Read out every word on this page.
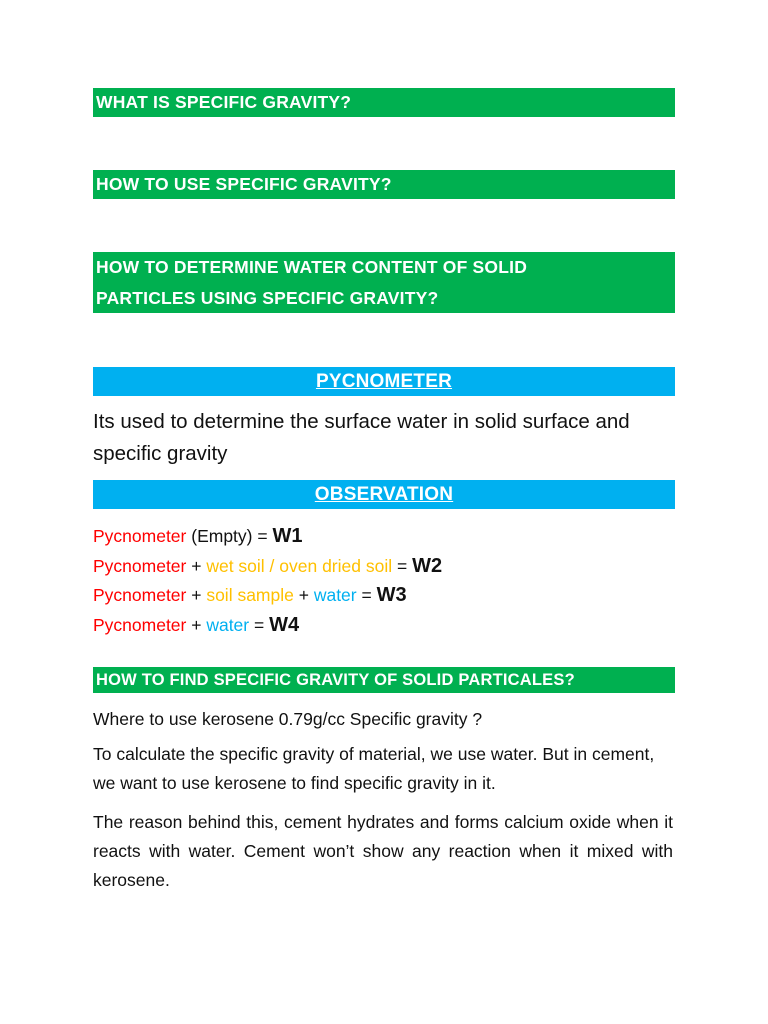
WHAT IS SPECIFIC GRAVITY?
HOW TO USE SPECIFIC GRAVITY?
HOW TO DETERMINE WATER CONTENT OF SOLID
PARTICLES USING SPECIFIC GRAVITY?
PYCNOMETER
Its used to determine the surface water in solid surface and specific gravity
OBSERVATION
Pycnometer (Empty) = W1
Pycnometer + wet soil / oven dried soil = W2
Pycnometer + soil sample + water = W3
Pycnometer + water = W4
HOW TO FIND SPECIFIC GRAVITY OF SOLID PARTICALES?
Where to use kerosene 0.79g/cc Specific gravity ?
To calculate the specific gravity of material, we use water. But in cement, we want to use kerosene to find specific gravity in it.
The reason behind this, cement hydrates and forms calcium oxide when it reacts with water. Cement won’t show any reaction when it mixed with kerosene.
